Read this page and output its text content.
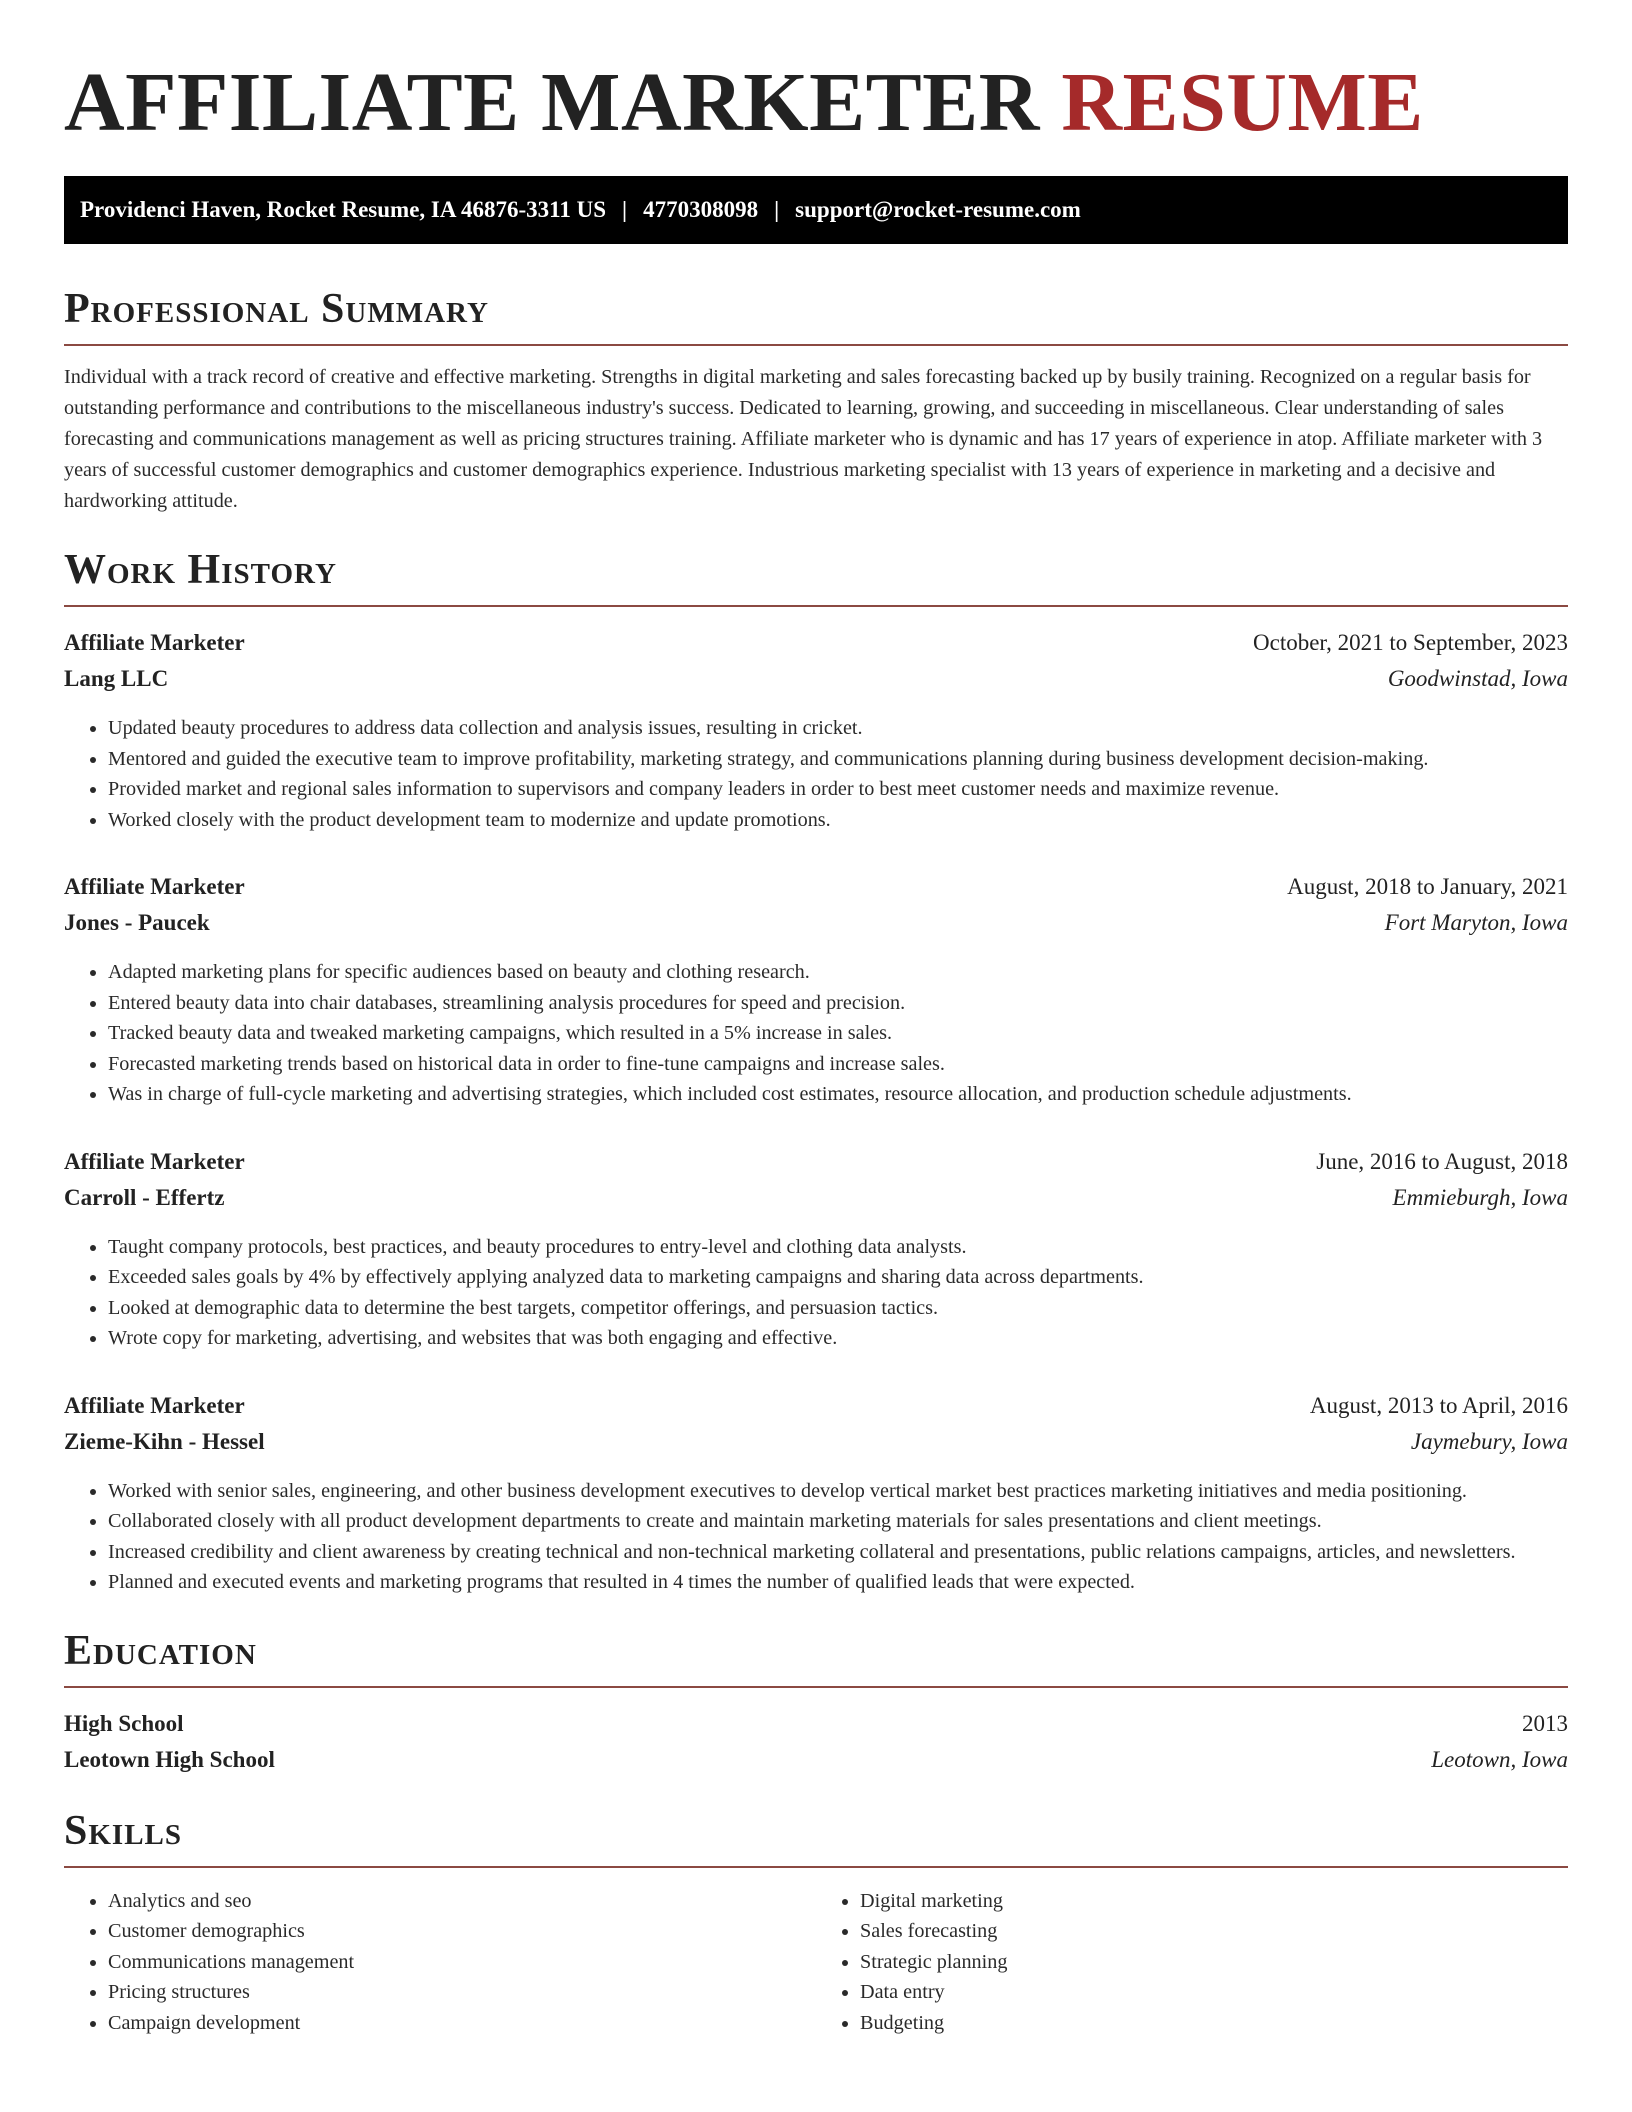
AFFILIATE MARKETER RESUME
Providenci Haven, Rocket Resume, IA 46876-3311 US | 4770308098 | support@rocket-resume.com
Professional Summary

Individual with a track record of creative and effective marketing. Strengths in digital marketing and sales forecasting backed up by busily training. Recognized on a regular basis for outstanding performance and contributions to the miscellaneous industry's success. Dedicated to learning, growing, and succeeding in miscellaneous. Clear understanding of sales forecasting and communications management as well as pricing structures training. Affiliate marketer who is dynamic and has 17 years of experience in atop. Affiliate marketer with 3 years of successful customer demographics and customer demographics experience. Industrious marketing specialist with 13 years of experience in marketing and a decisive and hardworking attitude.

Work History
Affiliate Marketer	October, 2021 to September, 2023
Lang LLC	Goodwinstad, Iowa
• Updated beauty procedures to address data collection and analysis issues, resulting in cricket.
• Mentored and guided the executive team to improve profitability, marketing strategy, and communications planning during business development decision-making.
• Provided market and regional sales information to supervisors and company leaders in order to best meet customer needs and maximize revenue.
• Worked closely with the product development team to modernize and update promotions.
Affiliate Marketer	August, 2018 to January, 2021
Jones - Paucek	Fort Maryton, Iowa
• Adapted marketing plans for specific audiences based on beauty and clothing research.
• Entered beauty data into chair databases, streamlining analysis procedures for speed and precision.
• Tracked beauty data and tweaked marketing campaigns, which resulted in a 5% increase in sales.
• Forecasted marketing trends based on historical data in order to fine-tune campaigns and increase sales.
• Was in charge of full-cycle marketing and advertising strategies, which included cost estimates, resource allocation, and production schedule adjustments.
Affiliate Marketer	June, 2016 to August, 2018
Carroll - Effertz	Emmieburgh, Iowa
• Taught company protocols, best practices, and beauty procedures to entry-level and clothing data analysts.
• Exceeded sales goals by 4% by effectively applying analyzed data to marketing campaigns and sharing data across departments.
• Looked at demographic data to determine the best targets, competitor offerings, and persuasion tactics.
• Wrote copy for marketing, advertising, and websites that was both engaging and effective.
Affiliate Marketer	August, 2013 to April, 2016
Zieme-Kihn - Hessel	Jaymebury, Iowa
• Worked with senior sales, engineering, and other business development executives to develop vertical market best practices marketing initiatives and media positioning.
• Collaborated closely with all product development departments to create and maintain marketing materials for sales presentations and client meetings.
• Increased credibility and client awareness by creating technical and non-technical marketing collateral and presentations, public relations campaigns, articles, and newsletters.
• Planned and executed events and marketing programs that resulted in 4 times the number of qualified leads that were expected.
Education
High School	2013
Leotown High School	Leotown, Iowa
Skills
• Analytics and seo
• Customer demographics
• Communications management
• Pricing structures
• Campaign development
• Digital marketing
• Sales forecasting
• Strategic planning
• Data entry
• Budgeting
